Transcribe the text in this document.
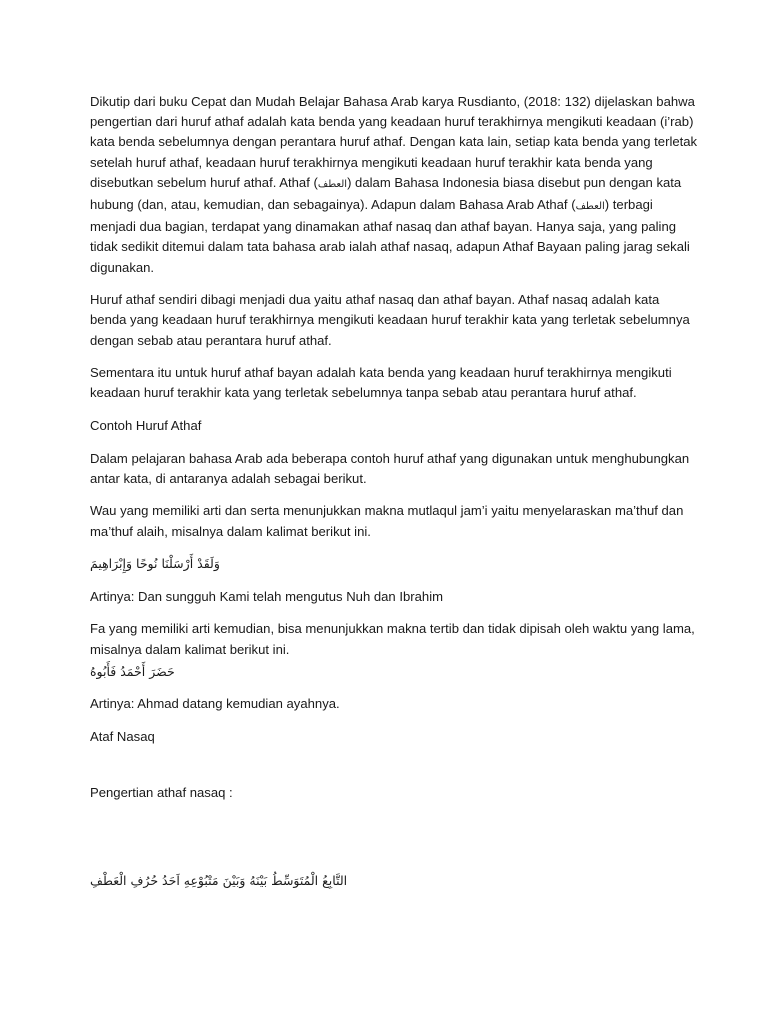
Dikutip dari buku Cepat dan Mudah Belajar Bahasa Arab karya Rusdianto, (2018: 132) dijelaskan bahwa
pengertian dari huruf athaf adalah kata benda yang keadaan huruf terakhirnya mengikuti keadaan (i’rab)
kata benda sebelumnya dengan perantara huruf athaf. Dengan kata lain, setiap kata benda yang terletak
setelah huruf athaf, keadaan huruf terakhirnya mengikuti keadaan huruf terakhir kata benda yang
disebutkan sebelum huruf athaf. Athaf (العطف) dalam Bahasa Indonesia biasa disebut pun dengan kata
hubung (dan, atau, kemudian, dan sebagainya). Adapun dalam Bahasa Arab Athaf (العطف) terbagi
menjadi dua bagian, terdapat yang dinamakan athaf nasaq dan athaf bayan. Hanya saja, yang paling
tidak sedikit ditemui dalam tata bahasa arab ialah athaf nasaq, adapun Athaf Bayaan paling jarag sekali
digunakan.

Huruf athaf sendiri dibagi menjadi dua yaitu athaf nasaq dan athaf bayan. Athaf nasaq adalah kata
benda yang keadaan huruf terakhirnya mengikuti keadaan huruf terakhir kata yang terletak sebelumnya
dengan sebab atau perantara huruf athaf.

Sementara itu untuk huruf athaf bayan adalah kata benda yang keadaan huruf terakhirnya mengikuti
keadaan huruf terakhir kata yang terletak sebelumnya tanpa sebab atau perantara huruf athaf.

Contoh Huruf Athaf

Dalam pelajaran bahasa Arab ada beberapa contoh huruf athaf yang digunakan untuk menghubungkan
antar kata, di antaranya adalah sebagai berikut.

Wau yang memiliki arti dan serta menunjukkan makna mutlaqul jam’i yaitu menyelaraskan ma’thuf dan
ma’thuf alaih, misalnya dalam kalimat berikut ini.

وَلَقَدْ أَرْسَلْنَا نُوحًا وَإِبْرَاهِيمَ

Artinya: Dan sungguh Kami telah mengutus Nuh dan Ibrahim

Fa yang memiliki arti kemudian, bisa menunjukkan makna tertib dan tidak dipisah oleh waktu yang lama,
misalnya dalam kalimat berikut ini.

حَضَرَ أَحْمَدُ فَأَبُوهُ

Artinya: Ahmad datang kemudian ayahnya.

Ataf Nasaq

Pengertian athaf nasaq :
التَّابِعُ الْمُتَوَسِّطُ بَيْنَهُ وَبَيْنَ مَتْبُوْعِهِ اَحَدُ حُرُفِ الْعَطْفِ
